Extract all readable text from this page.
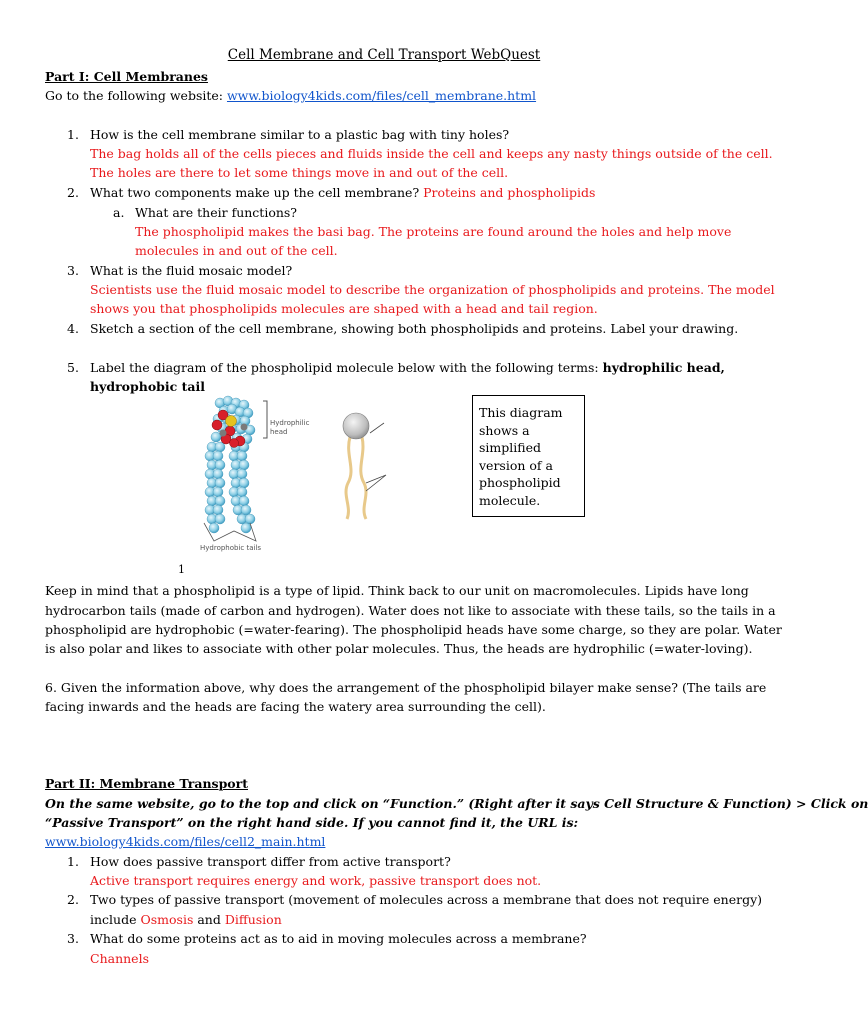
Cell Membrane and Cell Transport WebQuest
Part I: Cell Membranes
Go to the following website: www.biology4kids.com/files/cell_membrane.html
1. How is the cell membrane similar to a plastic bag with tiny holes?
The bag holds all of the cells pieces and fluids inside the cell and keeps any nasty things outside of the cell.
The holes are there to let some things move in and out of the cell.
2. What two components make up the cell membrane? Proteins and phospholipids
a. What are their functions?
The phospholipid makes the basi bag. The proteins are found around the holes and help move
molecules in and out of the cell.
3. What is the fluid mosaic model?
Scientists use the fluid mosaic model to describe the organization of phospholipids and proteins. The model
shows you that phospholipids molecules are shaped with a head and tail region.
4. Sketch a section of the cell membrane, showing both phospholipids and proteins. Label your drawing.
5. Label the diagram of the phospholipid molecule below with the following terms: hydrophilic head,
hydrophobic tail
Hydrophilic
head
Hydrophobic tails
1
This diagram shows a simplified version of a phospholipid molecule.
Keep in mind that a phospholipid is a type of lipid. Think back to our unit on macromolecules. Lipids have long
hydrocarbon tails (made of carbon and hydrogen). Water does not like to associate with these tails, so the tails in a
phospholipid are hydrophobic (=water-fearing). The phospholipid heads have some charge, so they are polar. Water
is also polar and likes to associate with other polar molecules. Thus, the heads are hydrophilic (=water-loving).
6. Given the information above, why does the arrangement of the phospholipid bilayer make sense? (The tails are
facing inwards and the heads are facing the watery area surrounding the cell).
Part II: Membrane Transport
On the same website, go to the top and click on “Function.” (Right after it says Cell Structure & Function) > Click on
“Passive Transport” on the right hand side. If you cannot find it, the URL is:
www.biology4kids.com/files/cell2_main.html
1. How does passive transport differ from active transport?
Active transport requires energy and work, passive transport does not.
2. Two types of passive transport (movement of molecules across a membrane that does not require energy)
include Osmosis and Diffusion
3. What do some proteins act as to aid in moving molecules across a membrane?
Channels
